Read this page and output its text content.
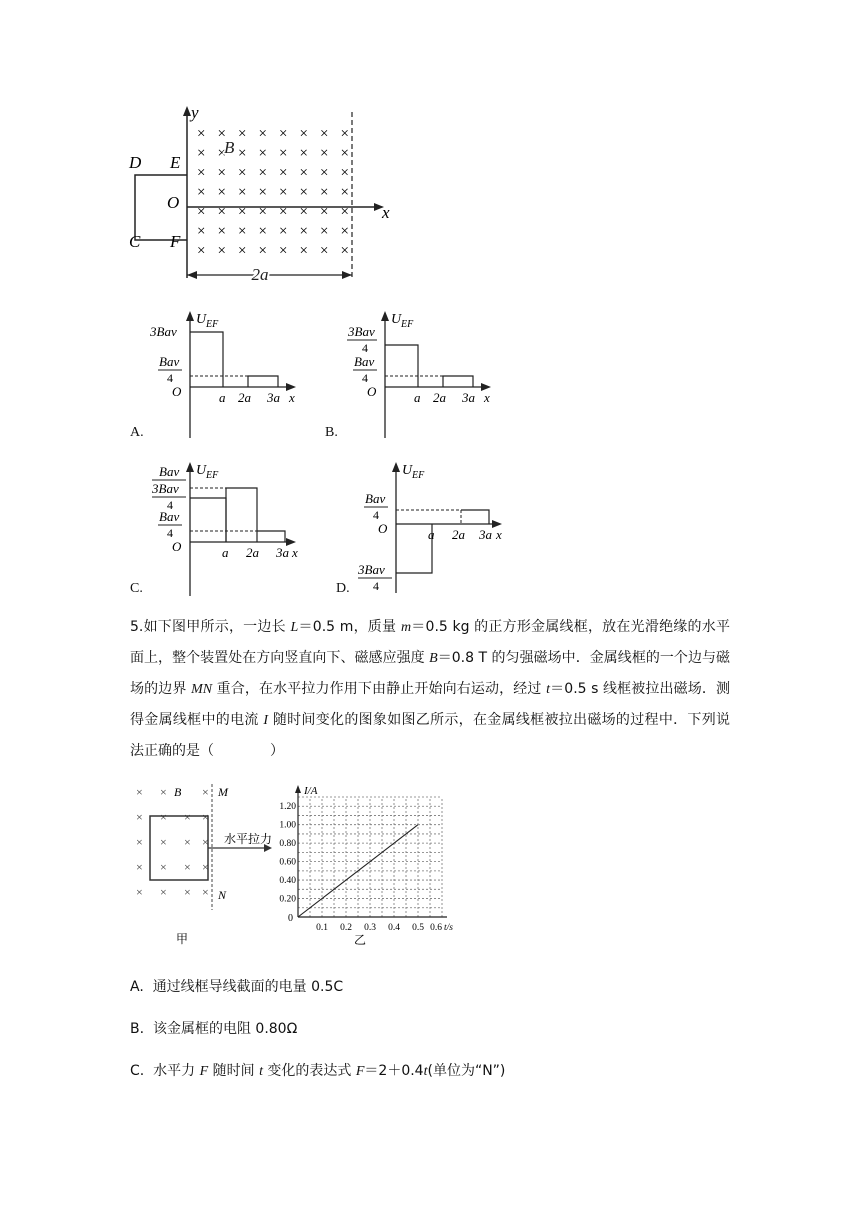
× × × × × × × ×
× × × × × × × ×
× × × × × × × ×
× × × × × × × ×
× × × × × × × ×
× × × × × × × ×
× × × × × × × ×
y
x
D E
O
C F
B
2a
U EF
3Bav
Bav
4
O	a 2a 3a x
A.
U EF
3Bav
4
Bav
4
O	a 2a 3a x
B.
U EF
Bav
3Bav
4
Bav
4
O	a 2a 3a x
C.
U EF
Bav
4
O
3Bav
4
a 2a 3a x
D.
5.如下图甲所示，一边长 L＝0.5 m，质量 m＝0.5 kg 的正方形金属线框，放在光滑绝缘的水平面上，整个装置处在方向竖直向下、磁感应强度 B＝0.8 T 的匀强磁场中．金属线框的一个边与磁场的边界 MN 重合，在水平拉力作用下由静止开始向右运动，经过 t＝0.5 s 线框被拉出磁场．测得金属线框中的电流 I 随时间变化的图象如图乙所示，在金属线框被拉出磁场的过程中．下列说法正确的是（　　　　）
× ×	×
× × × ×
× × × ×
× × × ×
× × × ×
B	M
N
水平拉力
甲
0.20
0.40
0.60
0.80
1.00
1.20
0.1 0.2 0.3 0.4 0.5 0.6 t/s
I/A
0
乙
A. 通过线框导线截面的电量 0.5C
B. 该金属框的电阻 0.80Ω
C. 水平力 F 随时间 t 变化的表达式 F＝2＋0.4t(单位为“N”)
